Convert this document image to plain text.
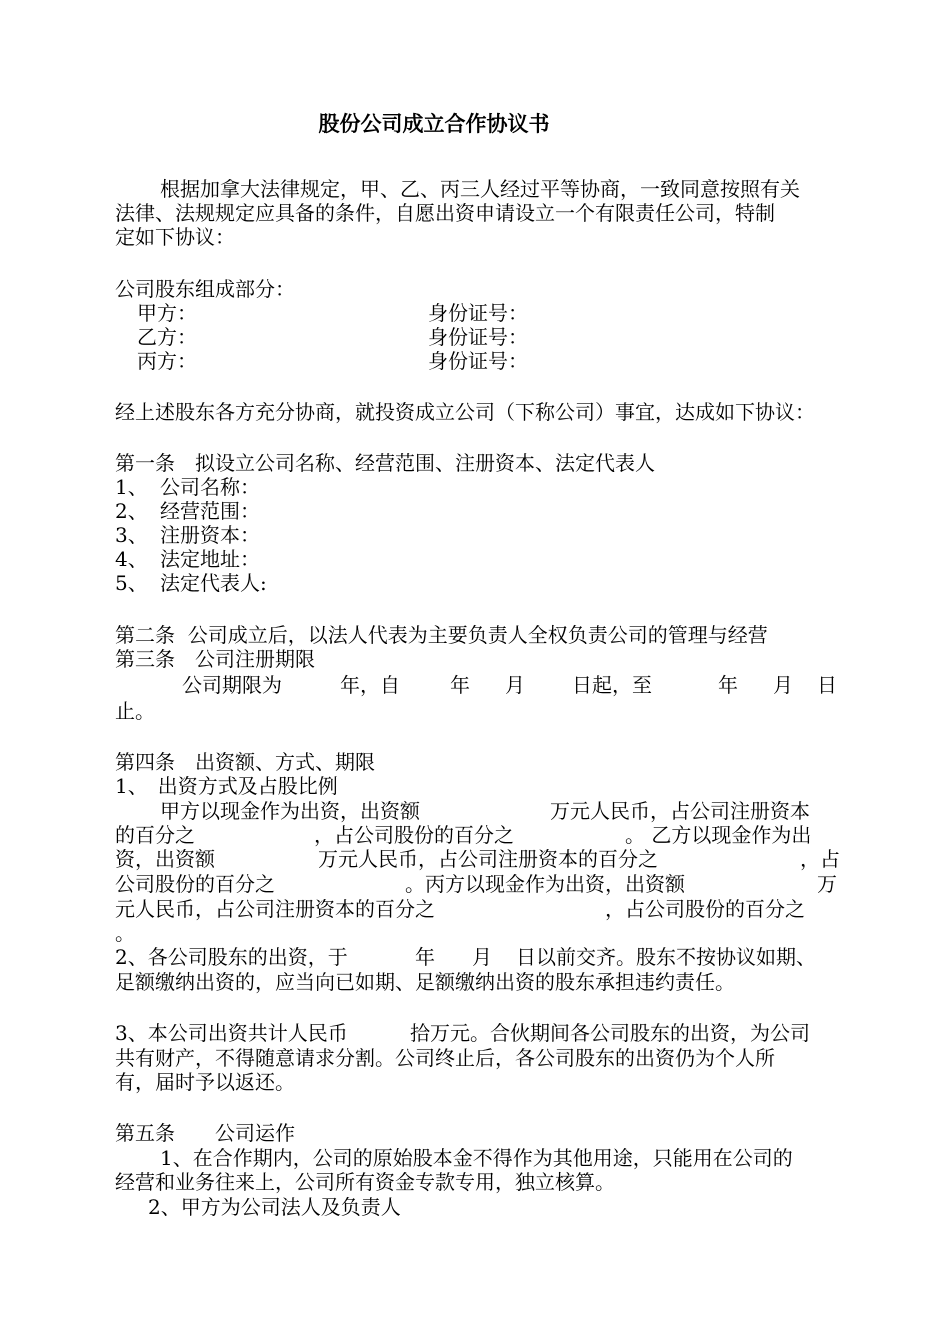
股份公司成立合作协议书
根据加拿大法律规定，甲、乙、丙三人经过平等协商，一致同意按照有关
法律、法规规定应具备的条件，自愿出资申请设立一个有限责任公司，特制
定如下协议：
公司股东组成部分：
甲方：	身份证号：
乙方：	身份证号：
丙方：	身份证号：
经上述股东各方充分协商，就投资成立公司（下称公司）事宜，达成如下协议：
第一条　拟设立公司名称、经营范围、注册资本、法定代表人
1、 公司名称：
2、 经营范围：
3、 注册资本：
4、 法定地址：
5、 法定代表人:
第二条  公司成立后，以法人代表为主要负责人全权负责公司的管理与经营
第三条　公司注册期限
公司期限为	年，自	年 月 日起，至	年 月 日
止。
第四条　出资额、方式、期限
1、　出资方式及占股比例
甲方以现金作为出资，出资额	万元人民币，占公司注册资本
的百分之	，占公司股份的百分之	。 乙方以现金作为出
资，出资额	万元人民币，占公司注册资本的百分之	，占
公司股份的百分之	。丙方以现金作为出资，出资额	万
元人民币，占公司注册资本的百分之	，占公司股份的百分之
。
2、各公司股东的出资，于	年 月 日以前交齐。股东不按协议如期、
足额缴纳出资的，应当向已如期、足额缴纳出资的股东承担违约责任。
3、本公司出资共计人民币	拾万元。合伙期间各公司股东的出资，为公司
共有财产，不得随意请求分割。公司终止后，各公司股东的出资仍为个人所
有，届时予以返还。
第五条　　公司运作
1、在合作期内，公司的原始股本金不得作为其他用途，只能用在公司的
经营和业务往来上，公司所有资金专款专用，独立核算。
2、甲方为公司法人及负责人
